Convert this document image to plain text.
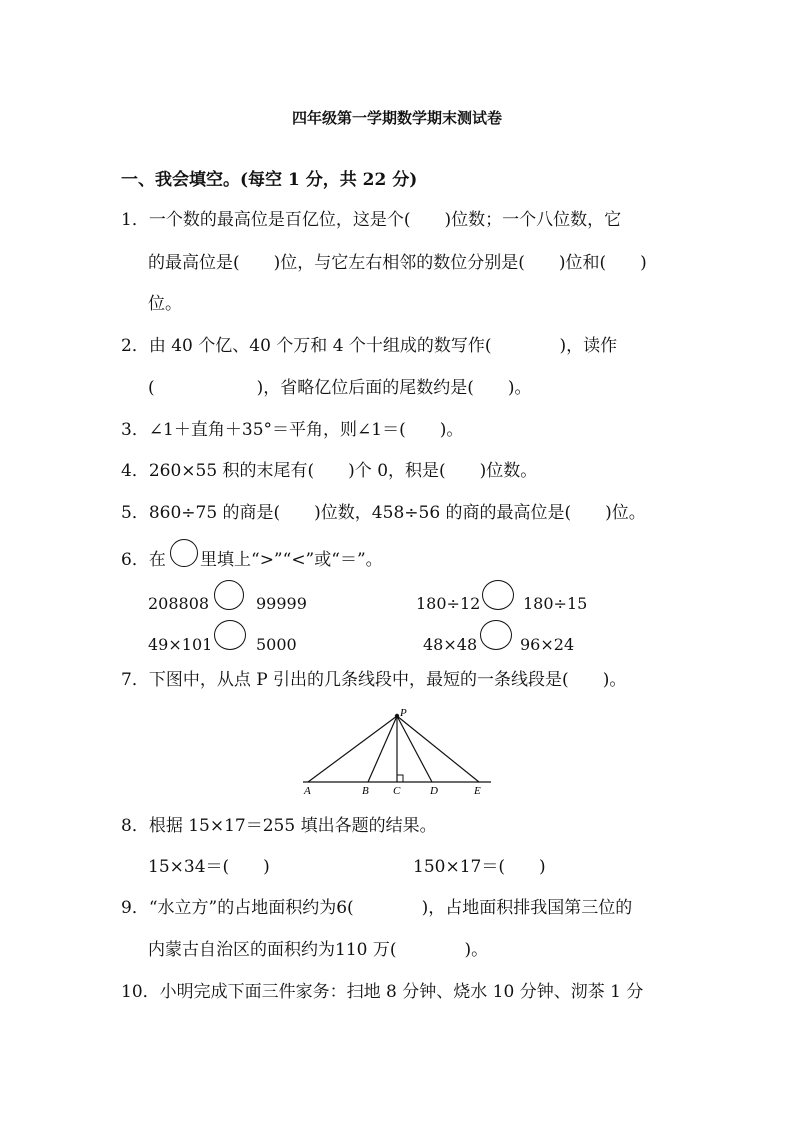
四年级第一学期数学期末测试卷
一、我会填空。(每空 1 分，共 22 分)
1．一个数的最高位是百亿位，这是个(　　)位数；一个八位数，它
的最高位是(　　)位，与它左右相邻的数位分别是(　　)位和(　　)
位。
2．由 40 个亿、40 个万和 4 个十组成的数写作(　　　　)，读作
(　　　　　　)，省略亿位后面的尾数约是(　　)。
3．∠1＋直角＋35°＝平角，则∠1＝(　　)。
4．260×55 积的末尾有(　　)个 0，积是(　　)位数。
5．860÷75 的商是(　　)位数，458÷56 的商的最高位是(　　)位。
6．在 里填上“>”“<”或“＝”。
208808	99999	180÷12	180÷15
49×101	5000	48×48	96×24
7．下图中，从点 P 引出的几条线段中，最短的一条线段是(　　)。
P
A	B C	D	E
8．根据 15×17＝255 填出各题的结果。
15×34＝(　　)	150×17＝(　　)
9．“水立方”的占地面积约为6(　　　　)，占地面积排我国第三位的
内蒙古自治区的面积约为110 万(　　　　)。
10．小明完成下面三件家务：扫地 8 分钟、烧水 10 分钟、沏茶 1 分
